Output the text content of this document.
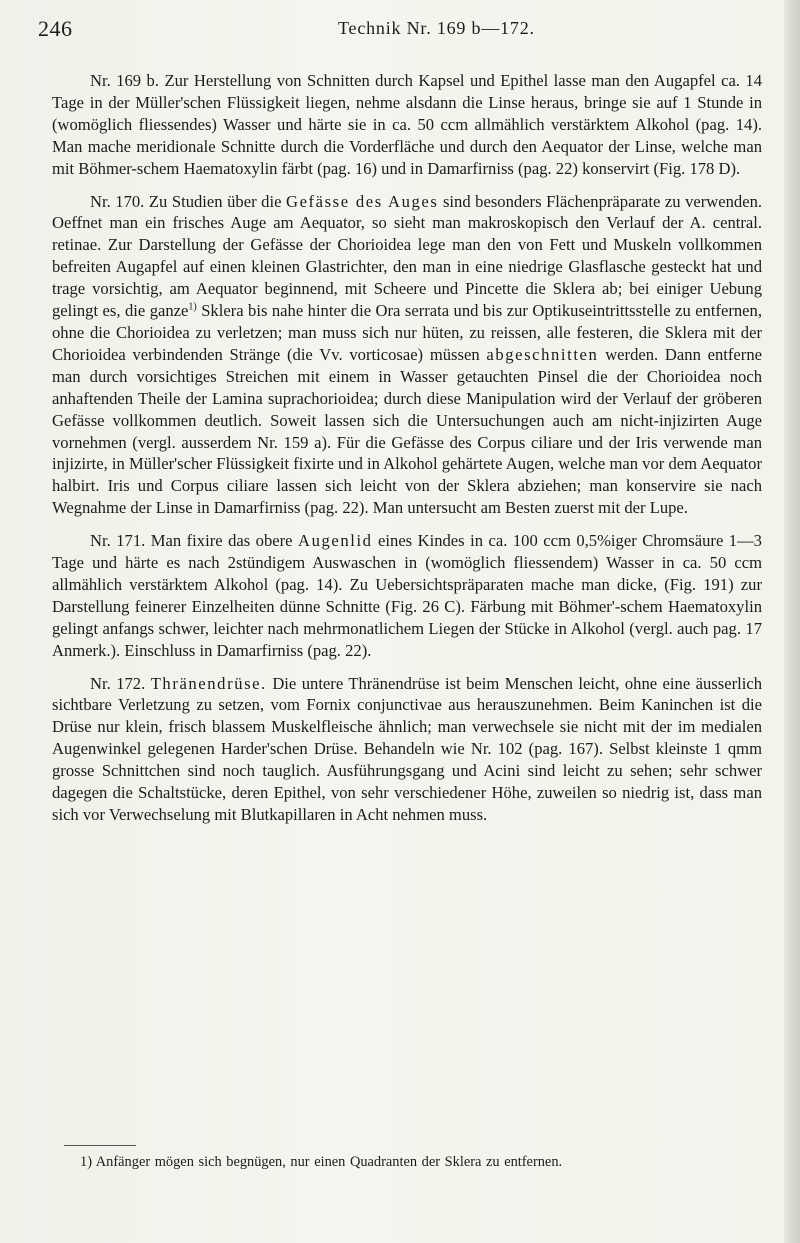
246	Technik Nr. 169 b—172.

Nr. 169 b. Zur Herstellung von Schnitten durch Kapsel und Epithel lasse man den Augapfel ca. 14 Tage in der Müller'schen Flüssigkeit liegen, nehme alsdann die Linse heraus, bringe sie auf 1 Stunde in (womöglich fliessendes) Wasser und härte sie in ca. 50 ccm allmählich verstärktem Alkohol (pag. 14). Man mache meridionale Schnitte durch die Vorderfläche und durch den Aequator der Linse, welche man mit Böhmer-schem Haematoxylin färbt (pag. 16) und in Damarfirniss (pag. 22) konservirt (Fig. 178 D).

Nr. 170. Zu Studien über die Gefässe des Auges sind besonders Flächenpräparate zu verwenden. Oeffnet man ein frisches Auge am Aequator, so sieht man makroskopisch den Verlauf der A. central. retinae. Zur Darstellung der Gefässe der Chorioidea lege man den von Fett und Muskeln vollkommen befreiten Augapfel auf einen kleinen Glastrichter, den man in eine niedrige Glasflasche gesteckt hat und trage vorsichtig, am Aequator beginnend, mit Scheere und Pincette die Sklera ab; bei einiger Uebung gelingt es, die ganze$^{1)}$ Sklera bis nahe hinter die Ora serrata und bis zur Optikuseintrittsstelle zu entfernen, ohne die Chorioidea zu verletzen; man muss sich nur hüten, zu reissen, alle festeren, die Sklera mit der Chorioidea verbindenden Stränge (die Vv. vorticosae) müssen abgeschnitten werden. Dann entferne man durch vorsichtiges Streichen mit einem in Wasser getauchten Pinsel die der Chorioidea noch anhaftenden Theile der Lamina suprachorioidea; durch diese Manipulation wird der Verlauf der gröberen Gefässe vollkommen deutlich. Soweit lassen sich die Untersuchungen auch am nicht-injizirten Auge vornehmen (vergl. ausserdem Nr. 159 a). Für die Gefässe des Corpus ciliare und der Iris verwende man injizirte, in Müller'scher Flüssigkeit fixirte und in Alkohol gehärtete Augen, welche man vor dem Aequator halbirt. Iris und Corpus ciliare lassen sich leicht von der Sklera abziehen; man konservire sie nach Wegnahme der Linse in Damarfirniss (pag. 22). Man untersucht am Besten zuerst mit der Lupe.

Nr. 171. Man fixire das obere Augenlid eines Kindes in ca. 100 ccm 0,5%iger Chromsäure 1—3 Tage und härte es nach 2stündigem Auswaschen in (womöglich fliessendem) Wasser in ca. 50 ccm allmählich verstärktem Alkohol (pag. 14). Zu Uebersichtspräparaten mache man dicke, (Fig. 191) zur Darstellung feinerer Einzelheiten dünne Schnitte (Fig. 26 C). Färbung mit Böhmer'-schem Haematoxylin gelingt anfangs schwer, leichter nach mehrmonatlichem Liegen der Stücke in Alkohol (vergl. auch pag. 17 Anmerk.). Einschluss in Damarfirniss (pag. 22).

Nr. 172. Thränendrüse. Die untere Thränendrüse ist beim Menschen leicht, ohne eine äusserlich sichtbare Verletzung zu setzen, vom Fornix conjunctivae aus herauszunehmen. Beim Kaninchen ist die Drüse nur klein, frisch blassem Muskelfleische ähnlich; man verwechsele sie nicht mit der im medialen Augenwinkel gelegenen Harder'schen Drüse. Behandeln wie Nr. 102 (pag. 167). Selbst kleinste 1 qmm grosse Schnittchen sind noch tauglich. Ausführungsgang und Acini sind leicht zu sehen; sehr schwer dagegen die Schaltstücke, deren Epithel, von sehr verschiedener Höhe, zuweilen so niedrig ist, dass man sich vor Verwechselung mit Blutkapillaren in Acht nehmen muss.

1) Anfänger mögen sich begnügen, nur einen Quadranten der Sklera zu entfernen.
